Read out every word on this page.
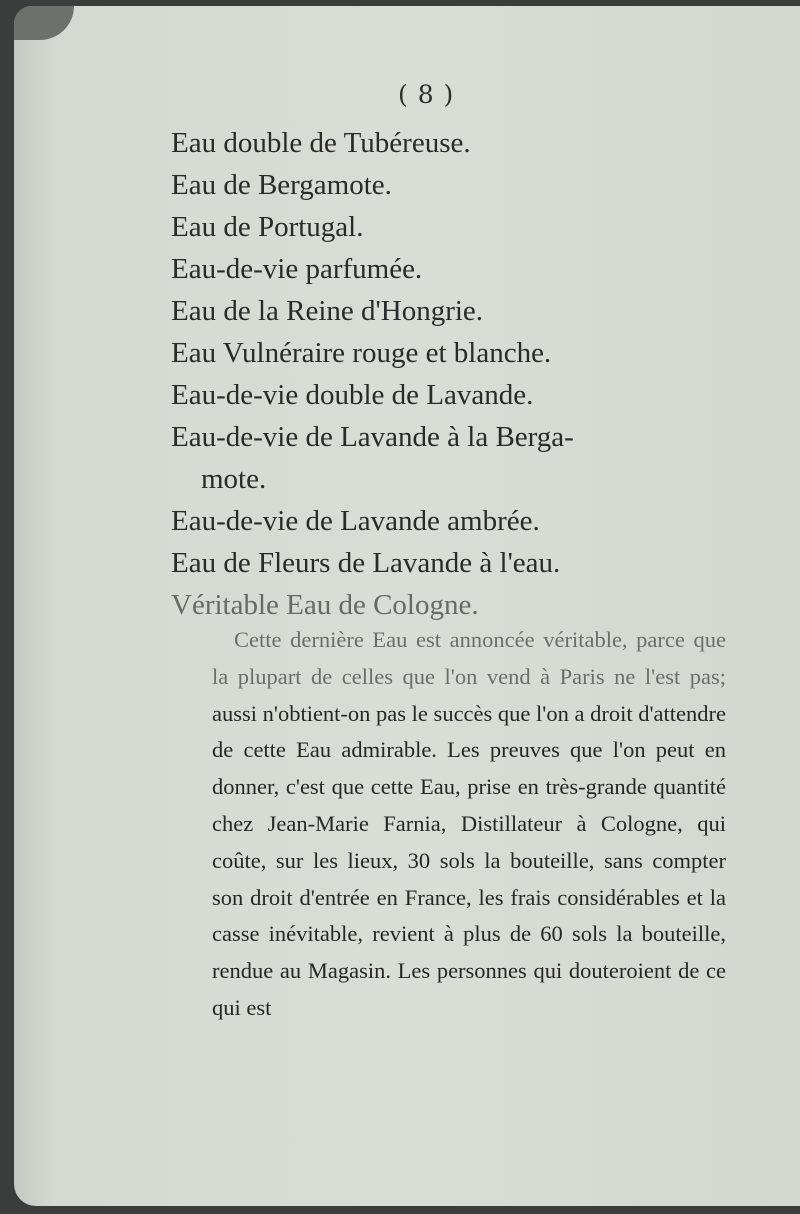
( 8 )
Eau double de Tubéreuse.
Eau de Bergamote.
Eau de Portugal.
Eau-de-vie parfumée.
Eau de la Reine d'Hongrie.
Eau Vulnéraire rouge et blanche.
Eau-de-vie double de Lavande.
Eau-de-vie de Lavande à la Berga-
mote.
Eau-de-vie de Lavande ambrée.
Eau de Fleurs de Lavande à l'eau.
Véritable Eau de Cologne.

Cette dernière Eau est annoncée véritable, parce que la plupart de celles que l'on vend à Paris ne l'est pas; aussi n'obtient-on pas le succès que l'on a droit d'attendre de cette Eau admirable. Les preuves que l'on peut en donner, c'est que cette Eau, prise en très-grande quantité chez Jean-Marie Farnia, Distillateur à Cologne, qui coûte, sur les lieux, 30 sols la bouteille, sans compter son droit d'entrée en France, les frais considérables et la casse inévitable, revient à plus de 60 sols la bouteille, rendue au Magasin. Les personnes qui douteroient de ce qui est
